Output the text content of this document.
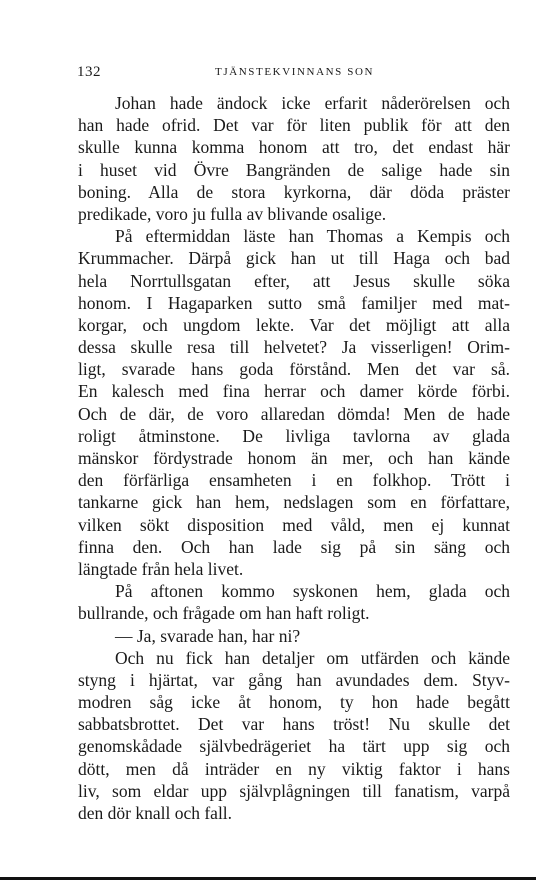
132	TJÄNSTEKVINNANS SON
Johan hade ändock icke erfarit nåderörelsen och
han hade ofrid. Det var för liten publik för att den
skulle kunna komma honom att tro, det endast här
i huset vid Övre Bangränden de salige hade sin
boning. Alla de stora kyrkorna, där döda präster
predikade, voro ju fulla av blivande osalige.
På eftermiddan läste han Thomas a Kempis och
Krummacher. Därpå gick han ut till Haga och bad
hela Norrtullsgatan efter, att Jesus skulle söka
honom. I Hagaparken sutto små familjer med mat-
korgar, och ungdom lekte. Var det möjligt att alla
dessa skulle resa till helvetet? Ja visserligen! Orim-
ligt, svarade hans goda förstånd. Men det var så.
En kalesch med fina herrar och damer körde förbi.
Och de där, de voro allaredan dömda! Men de hade
roligt åtminstone. De livliga tavlorna av glada
mänskor fördystrade honom än mer, och han kände
den förfärliga ensamheten i en folkhop. Trött i
tankarne gick han hem, nedslagen som en författare,
vilken sökt disposition med våld, men ej kunnat
finna den. Och han lade sig på sin säng och
längtade från hela livet.
På aftonen kommo syskonen hem, glada och
bullrande, och frågade om han haft roligt.
— Ja, svarade han, har ni?
Och nu fick han detaljer om utfärden och kände
styng i hjärtat, var gång han avundades dem. Styv-
modren såg icke åt honom, ty hon hade begått
sabbatsbrottet. Det var hans tröst! Nu skulle det
genomskådade självbedrägeriet ha tärt upp sig och
dött, men då inträder en ny viktig faktor i hans
liv, som eldar upp självplågningen till fanatism, varpå
den dör knall och fall.
